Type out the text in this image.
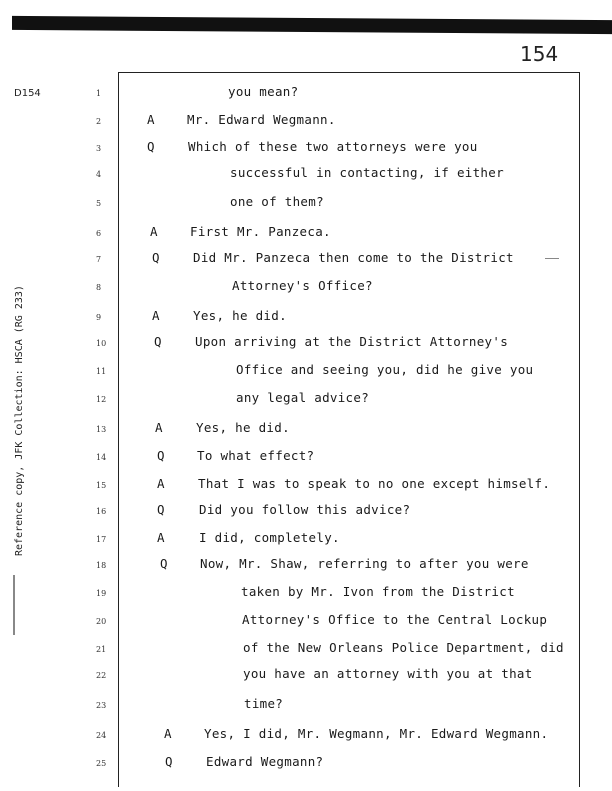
154
D154
Reference copy, JFK Collection: HSCA (RG 233)
1	you mean?
2	A	Mr. Edward Wegmann.
3	Q	Which of these two attorneys were you
4	successful in contacting, if either
5	one of them?
6	A	First Mr. Panzeca.
7	Q	Did Mr. Panzeca then come to the District
8	Attorney's Office?
9	A	Yes, he did.
10	Q	Upon arriving at the District Attorney's
11	Office and seeing you, did he give you
12	any legal advice?
13	A	Yes, he did.
14	Q	To what effect?
15	A	That I was to speak to no one except himself.
16	Q	Did you follow this advice?
17	A	I did, completely.
18	Q	Now, Mr. Shaw, referring to after you were
19	taken by Mr. Ivon from the District
20	Attorney's Office to the Central Lockup
21	of the New Orleans Police Department, did
22	you have an attorney with you at that
23	time?
24	A	Yes, I did, Mr. Wegmann, Mr. Edward Wegmann.
25	Q	Edward Wegmann?
